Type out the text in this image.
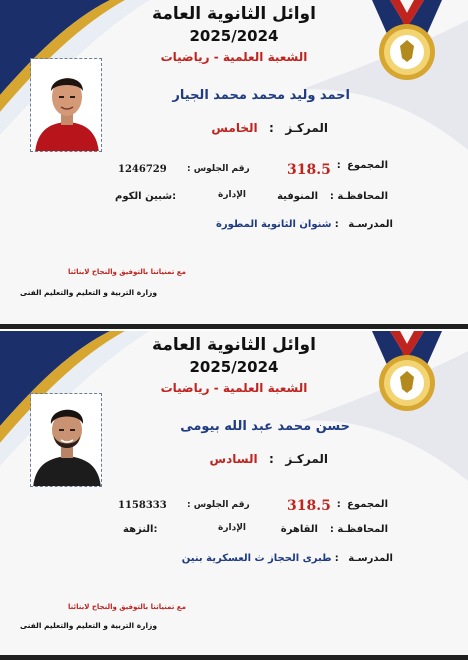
اوائل الثانوية العامة
2025/2024
الشعبة العلمية - رياضيات
احمد وليد محمد محمد الجيار
المركـز   :   الخامس
المجموع  :
318.5
رقم الجلوس :
1246729
المحافظـة :
المنوفية
الإدارة
:شبين الكوم
المدرسـة   : شنوان الثانوية المطورة
مع تمنياتنا بالتوفيق والنجاح لابنائنا
وزارة التربية و التعليم والتعليم الفنى
اوائل الثانوية العامة
2025/2024
الشعبة العلمية - رياضيات
حسن محمد عبد الله بيومى
المركـز   :   السادس
المجموع  :
318.5
رقم الجلوس :
1158333
المحافظـة :
القاهرة
الإدارة
:النزهة
المدرسـة   : طبرى الحجاز ث العسكرية بنين
مع تمنياتنا بالتوفيق والنجاح لابنائنا
وزارة التربية و التعليم والتعليم الفنى
